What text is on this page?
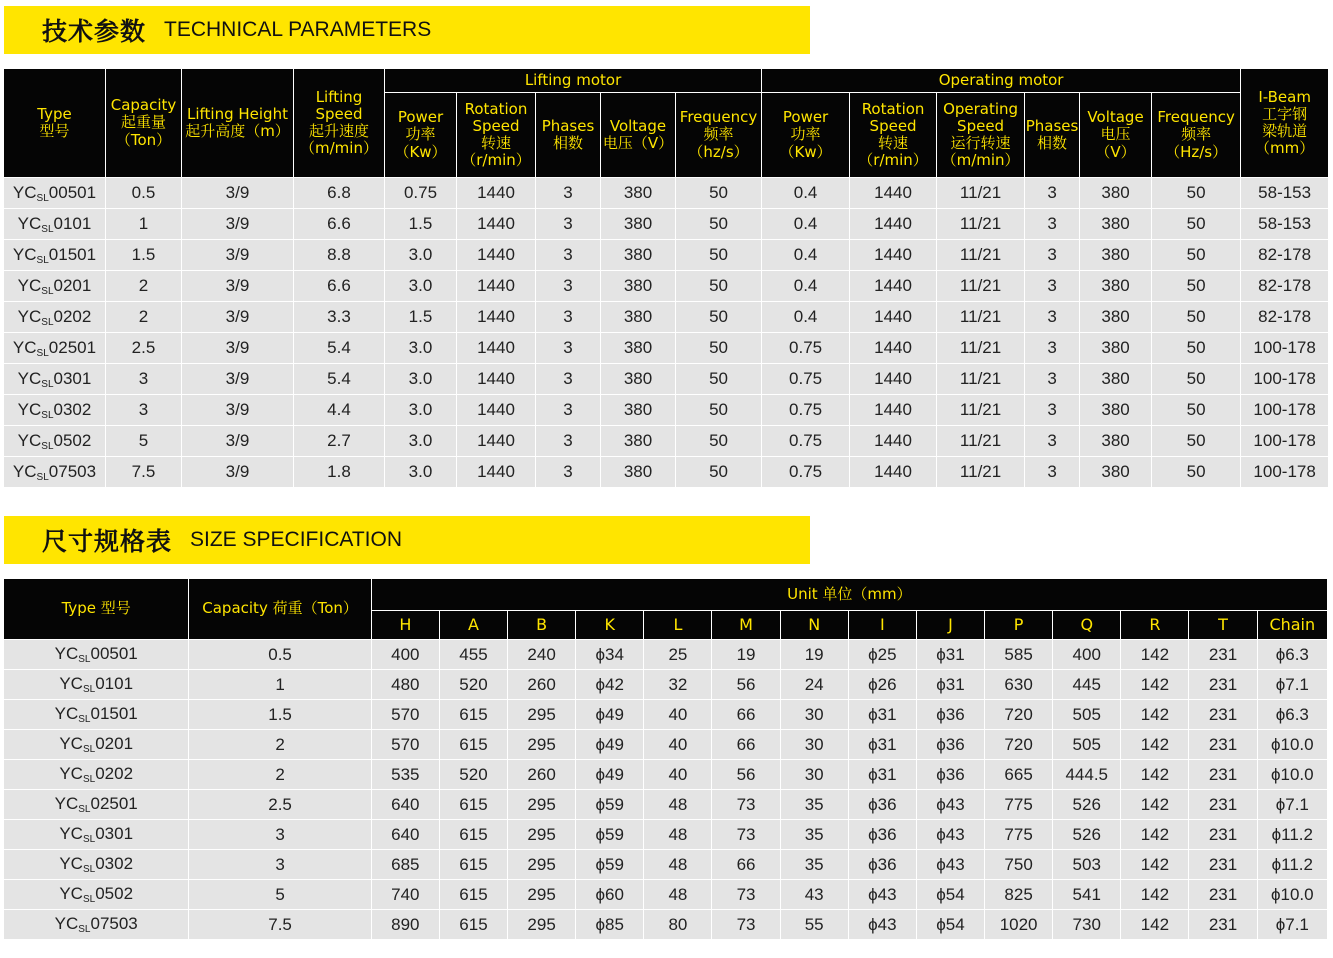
技术参数 TECHNICAL PARAMETERS
Type
型号	Capacity
起重量
（Ton）	Lifting Height
起升高度（m）	Lifting
Speed
起升速度
（m/min）	Lifting motor					Operating motor						I-Beam
工字钢
梁轨道
（mm）

				Power
功率
（Kw）	Rotation
Speed
转速
（r/min）	Phases
相数	Voltage
电压（V）	Frequency
频率
（hz/s）	Power
功率
（Kw）	Rotation
Speed
转速
（r/min）	Operating
Speed
运行转速
（m/min）	Phases
相数	Voltage
电压
（V）	Frequency
频率
（Hz/s）	

$YC_{SL}00501$	0.5	3/9	6.8	0.75	1440	3	380	50	0.4	1440	11/21	3	380	50	58-153
$YC_{SL}0101$	1	3/9	6.6	1.5	1440	3	380	50	0.4	1440	11/21	3	380	50	58-153
$YC_{SL}01501$	1.5	3/9	8.8	3.0	1440	3	380	50	0.4	1440	11/21	3	380	50	82-178
$YC_{SL}0201$	2	3/9	6.6	3.0	1440	3	380	50	0.4	1440	11/21	3	380	50	82-178
$YC_{SL}0202$	2	3/9	3.3	1.5	1440	3	380	50	0.4	1440	11/21	3	380	50	82-178
$YC_{SL}02501$	2.5	3/9	5.4	3.0	1440	3	380	50	0.75	1440	11/21	3	380	50	100-178
$YC_{SL}0301$	3	3/9	5.4	3.0	1440	3	380	50	0.75	1440	11/21	3	380	50	100-178
$YC_{SL}0302$	3	3/9	4.4	3.0	1440	3	380	50	0.75	1440	11/21	3	380	50	100-178
$YC_{SL}0502$	5	3/9	2.7	3.0	1440	3	380	50	0.75	1440	11/21	3	380	50	100-178
$YC_{SL}07503$	7.5	3/9	1.8	3.0	1440	3	380	50	0.75	1440	11/21	3	380	50	100-178
尺寸规格表 SIZE SPECIFICATION
Type 型号	Capacity 荷重（Ton）	Unit 单位（mm）													
		H	A	B	K	L	M	N	I	J	P	Q	R	T	Chain
$YC_{SL}00501$	0.5	400	455	240	ϕ34	25	19	19	ϕ25	ϕ31	585	400	142	231	ϕ6.3
$YC_{SL}0101$	1	480	520	260	ϕ42	32	56	24	ϕ26	ϕ31	630	445	142	231	ϕ7.1
$YC_{SL}01501$	1.5	570	615	295	ϕ49	40	66	30	ϕ31	ϕ36	720	505	142	231	ϕ6.3
$YC_{SL}0201$	2	570	615	295	ϕ49	40	66	30	ϕ31	ϕ36	720	505	142	231	ϕ10.0
$YC_{SL}0202$	2	535	520	260	ϕ49	40	56	30	ϕ31	ϕ36	665	444.5	142	231	ϕ10.0
$YC_{SL}02501$	2.5	640	615	295	ϕ59	48	73	35	ϕ36	ϕ43	775	526	142	231	ϕ7.1
$YC_{SL}0301$	3	640	615	295	ϕ59	48	73	35	ϕ36	ϕ43	775	526	142	231	ϕ11.2
$YC_{SL}0302$	3	685	615	295	ϕ59	48	66	35	ϕ36	ϕ43	750	503	142	231	ϕ11.2
$YC_{SL}0502$	5	740	615	295	ϕ60	48	73	43	ϕ43	ϕ54	825	541	142	231	ϕ10.0
$YC_{SL}07503$	7.5	890	615	295	ϕ85	80	73	55	ϕ43	ϕ54	1020	730	142	231	ϕ7.1
